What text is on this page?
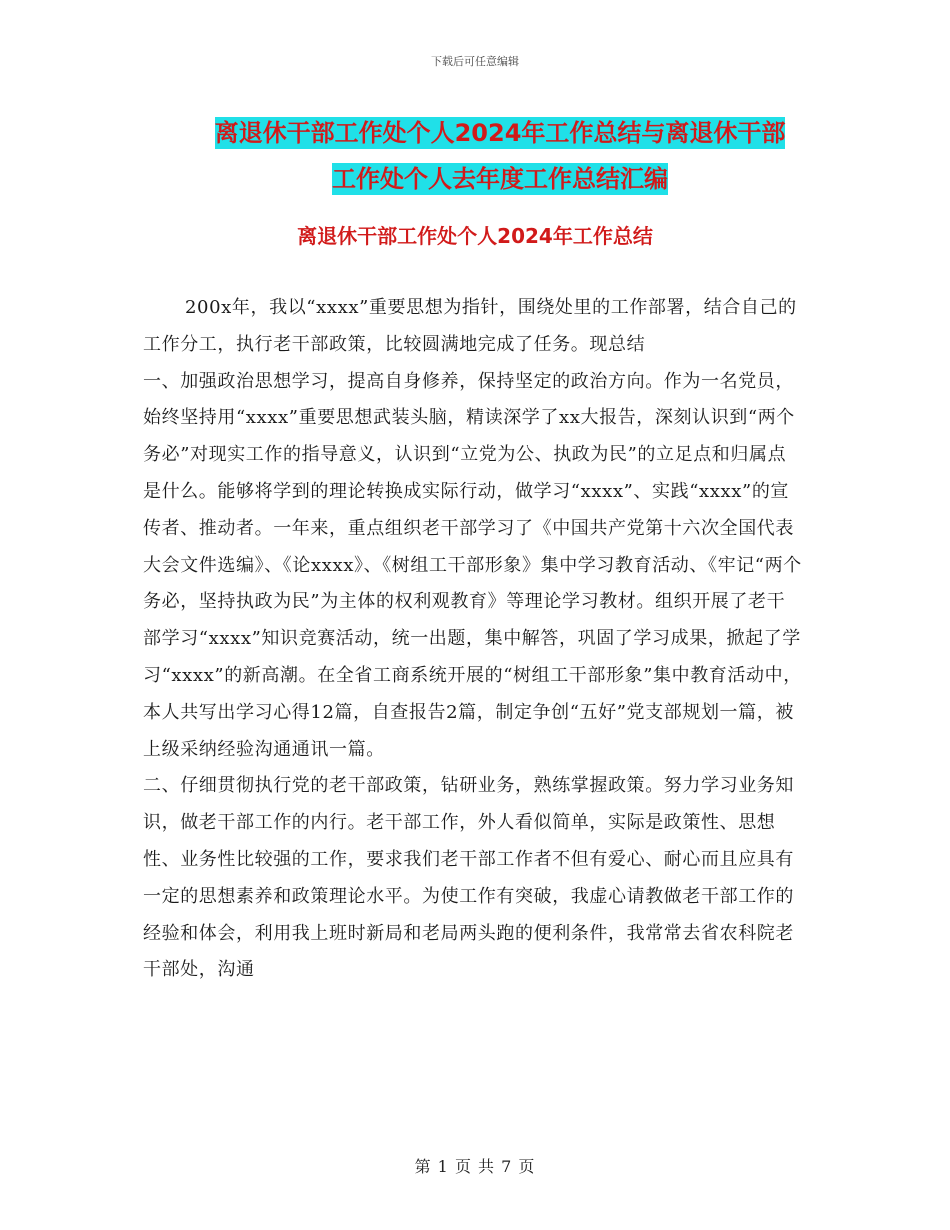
下载后可任意编辑
离退休干部工作处个人2024年工作总结与离退休干部
工作处个人去年度工作总结汇编
离退休干部工作处个人2024年工作总结

200x年，我以“xxxx”重要思想为指针，围绕处里的工作部署，结合自己的工作分工，执行老干部政策，比较圆满地完成了任务。现总结

一、加强政治思想学习，提高自身修养，保持坚定的政治方向。作为一名党员，始终坚持用“xxxx”重要思想武装头脑，精读深学了xx大报告，深刻认识到“两个务必”对现实工作的指导意义，认识到“立党为公、执政为民”的立足点和归属点是什么。能够将学到的理论转换成实际行动，做学习“xxxx”、实践“xxxx”的宣传者、推动者。一年来，重点组织老干部学习了《中国共产党第十六次全国代表大会文件选编》、《论xxxx》、《树组工干部形象》集中学习教育活动、《牢记“两个务必，坚持执政为民”为主体的权利观教育》等理论学习教材。组织开展了老干部学习“xxxx”知识竞赛活动，统一出题，集中解答，巩固了学习成果，掀起了学习“xxxx”的新高潮。在全省工商系统开展的“树组工干部形象”集中教育活动中，本人共写出学习心得12篇，自查报告2篇，制定争创“五好”党支部规划一篇，被上级采纳经验沟通通讯一篇。

二、仔细贯彻执行党的老干部政策，钻研业务，熟练掌握政策。努力学习业务知识，做老干部工作的内行。老干部工作，外人看似简单，实际是政策性、思想性、业务性比较强的工作，要求我们老干部工作者不但有爱心、耐心而且应具有一定的思想素养和政策理论水平。为使工作有突破，我虚心请教做老干部工作的经验和体会，利用我上班时新局和老局两头跑的便利条件，我常常去省农科院老干部处，沟通

第 1 页 共 7 页
